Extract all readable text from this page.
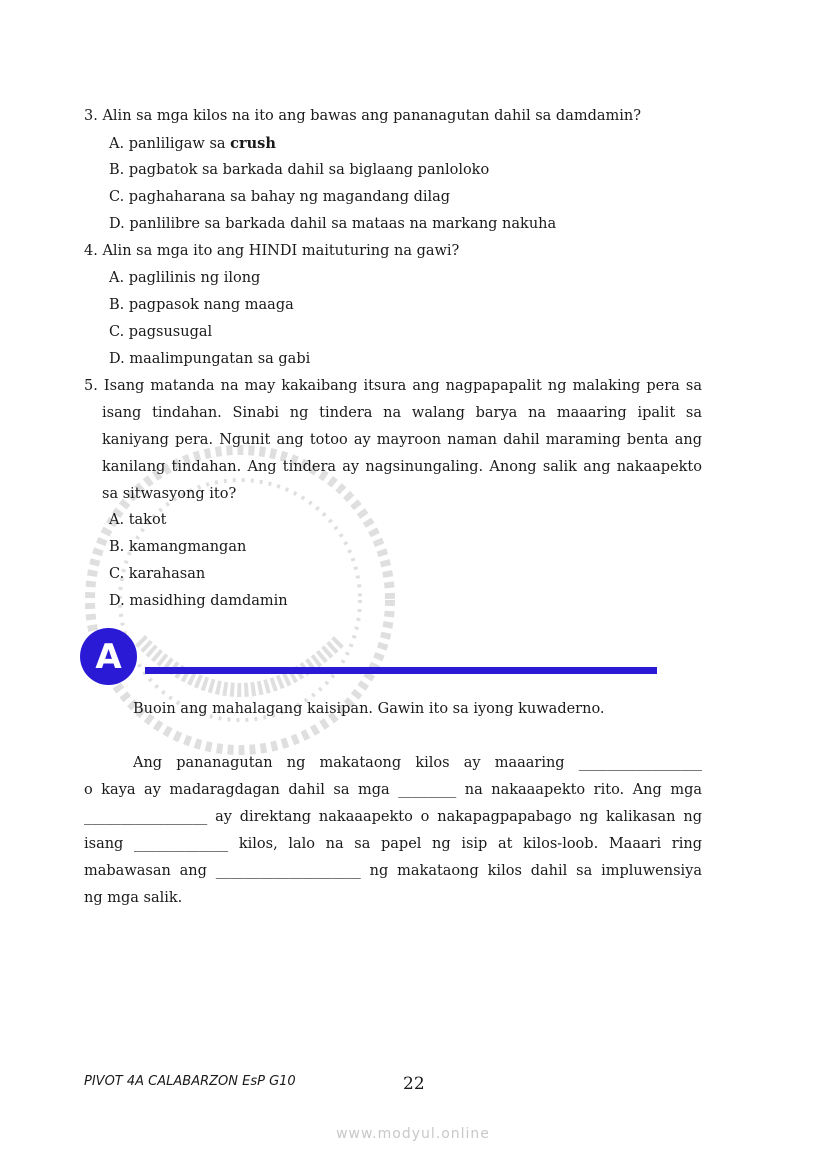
3. Alin sa mga kilos na ito ang bawas ang pananagutan dahil sa damdamin?
A. panliligaw sa crush
B. pagbatok sa barkada dahil sa biglaang panloloko
C. paghaharana sa bahay ng magandang dilag
D. panlilibre sa barkada dahil sa mataas na markang nakuha
4. Alin sa mga ito ang HINDI maituturing na gawi?
A. paglilinis ng ilong
B. pagpasok nang maaga
C. pagsusugal
D. maalimpungatan sa gabi
5. Isang matanda na may kakaibang itsura ang nagpapapalit ng malaking pera sa
isang tindahan. Sinabi ng tindera na walang barya na maaaring ipalit sa
kaniyang pera. Ngunit ang totoo ay mayroon naman dahil maraming benta ang
kanilang tindahan. Ang tindera ay nagsinungaling. Anong salik ang nakaapekto
sa sitwasyong ito?
A. takot
B. kamangmangan
C. karahasan
D. masidhing damdamin
A
Buoin ang mahalagang kaisipan. Gawin ito sa iyong kuwaderno.
Ang pananagutan ng makataong kilos ay maaaring _________________
o kaya ay madaragdagan dahil sa mga ________ na nakaaapekto rito. Ang mga
_________________ ay direktang nakaaapekto o nakapagpapabago ng kalikasan ng
isang _____________ kilos, lalo na sa papel ng isip at kilos-loob. Maaari ring
mabawasan ang ____________________ ng makataong kilos dahil sa impluwensiya
ng mga salik.
PIVOT 4A CALABARZON EsP G10	22
www.modyul.online
